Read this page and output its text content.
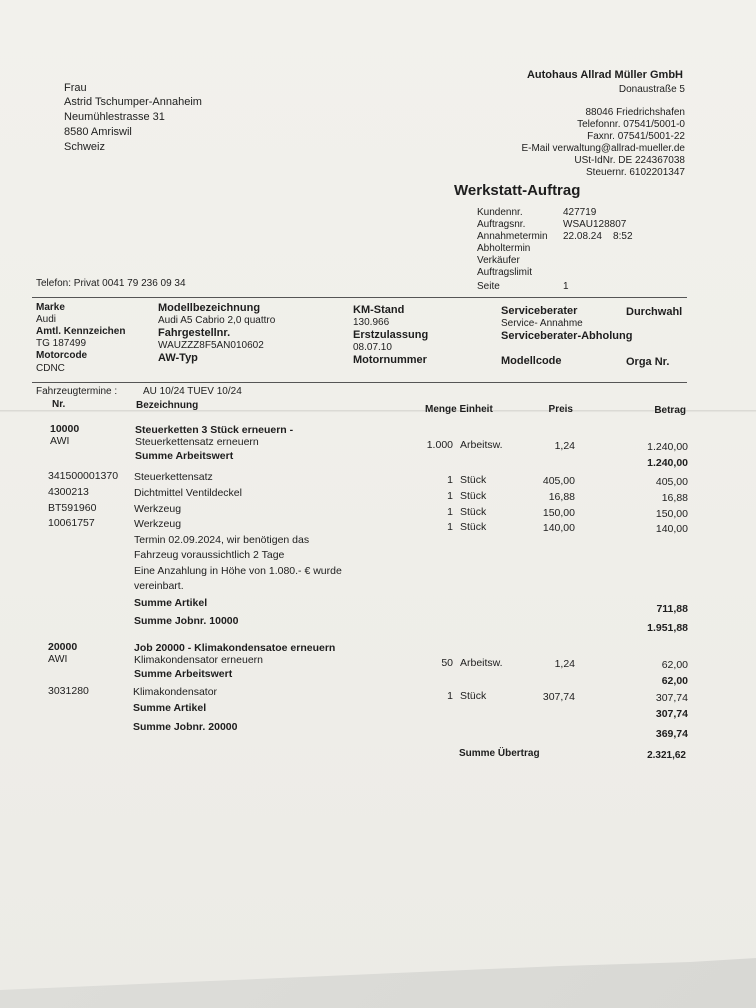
Frau
Astrid Tschumper-Annaheim
Neumühlestrasse 31
8580 Amriswil
Schweiz
Autohaus Allrad Müller GmbH
Donaustraße 5
88046 Friedrichshafen
Telefonnr. 07541/5001-0
Faxnr. 07541/5001-22
E-Mail verwaltung@allrad-mueller.de
USt-IdNr. DE 224367038
Steuernr. 6102201347
Werkstatt-Auftrag
Kundennr.	427719
Auftragsnr.	WSAU128807
Annahmetermin 22.08.24    8:52
Abholtermin
Verkäufer
Auftragslimit
Seite	1
Telefon: Privat 0041 79 236 09 34
Marke
Audi
Amtl. Kennzeichen
TG 187499
Motorcode
CDNC
Modellbezeichnung
Audi A5 Cabrio 2,0 quattro
Fahrgestellnr.
WAUZZZ8F5AN010602
AW-Typ
KM-Stand
130.966
Erstzulassung
08.07.10
Motornummer
Serviceberater
Service- Annahme
Serviceberater-Abholung
Modellcode
Durchwahl
Orga Nr.
Fahrzeugtermine :	AU 10/24 TUEV 10/24
Nr.	Bezeichnung	Menge Einheit	Preis	Betrag
10000	Steuerketten 3 Stück erneuern -
AWI	Steuerkettensatz erneuern	1.000 Arbeitsw.	1,24	1.240,00
Summe Arbeitswert
1.240,00
341500001370 Steuerkettensatz	1 Stück	405,00	405,00
4300213	Dichtmittel Ventildeckel	1 Stück	16,88	16,88
BT591960	Werkzeug	1 Stück	150,00	150,00
10061757	Werkzeug	1 Stück	140,00	140,00
Termin 02.09.2024, wir benötigen das
Fahrzeug voraussichtlich 2 Tage
Eine Anzahlung in Höhe von 1.080.- € wurde
vereinbart.
Summe Artikel	711,88
Summe Jobnr. 10000
1.951,88
20000	Job 20000 - Klimakondensatoe erneuern
AWI	Klimakondensator erneuern	50 Arbeitsw.	1,24	62,00
Summe Arbeitswert
62,00
3031280	Klimakondensator	1 Stück	307,74	307,74
Summe Artikel	307,74
Summe Jobnr. 20000
369,74
Summe Übertrag	2.321,62
